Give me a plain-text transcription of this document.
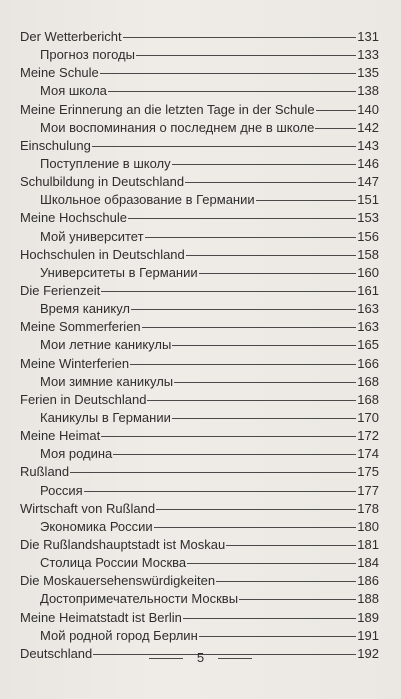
Der Wetterbericht	131
Прогноз погоды	133
Meine Schule	135
Моя школа	138
Meine Erinnerung an die letzten Tage in der Schule	140
Мои воспоминания о последнем дне в школе	142
Einschulung	143
Поступление в школу	146
Schulbildung in Deutschland	147
Школьное образование в Германии	151
Meine Hochschule	153
Мой университет	156
Hochschulen in Deutschland	158
Университеты в Германии	160
Die Ferienzeit	161
Время каникул	163
Meine Sommerferien	163
Мои летние каникулы	165
Meine Winterferien	166
Мои зимние каникулы	168
Ferien in Deutschland	168
Каникулы в Германии	170
Meine Heimat	172
Моя родина	174
Rußland	175
Россия	177
Wirtschaft von Rußland	178
Экономика России	180
Die Rußlandshauptstadt ist Moskau	181
Столица России Москва	184
Die Moskauersehenswürdigkeiten	186
Достопримечательности Москвы	188
Meine Heimatstadt ist Berlin	189
Мой родной город Берлин	191
Deutschland	192
5
